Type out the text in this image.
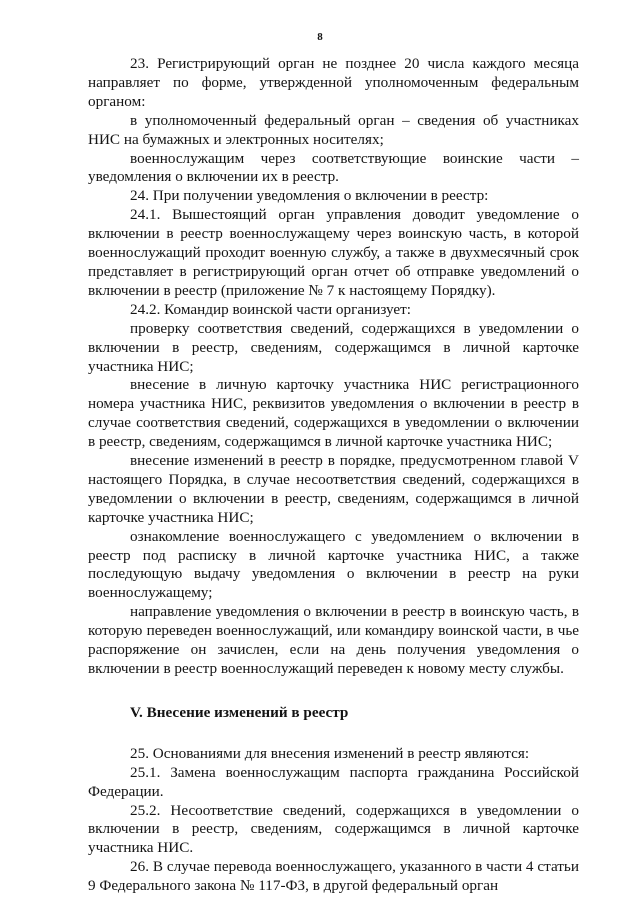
8

23. Регистрирующий орган не позднее 20 числа каждого месяца направляет по форме, утвержденной уполномоченным федеральным органом:

в уполномоченный федеральный орган – сведения об участниках НИС на бумажных и электронных носителях;

военнослужащим через соответствующие воинские части – уведомления о включении их в реестр.

24. При получении уведомления о включении в реестр:

24.1. Вышестоящий орган управления доводит уведомление о включении в реестр военнослужащему через воинскую часть, в которой военнослужащий проходит военную службу, а также в двухмесячный срок представляет в регистрирующий орган отчет об отправке уведомлений о включении в реестр (приложение № 7 к настоящему Порядку).

24.2. Командир воинской части организует:

проверку соответствия сведений, содержащихся в уведомлении о включении в реестр, сведениям, содержащимся в личной карточке участника НИС;

внесение в личную карточку участника НИС регистрационного номера участника НИС, реквизитов уведомления о включении в реестр в случае соответствия сведений, содержащихся в уведомлении о включении в реестр, сведениям, содержащимся в личной карточке участника НИС;

внесение изменений в реестр в порядке, предусмотренном главой V настоящего Порядка, в случае несоответствия сведений, содержащихся в уведомлении о включении в реестр, сведениям, содержащимся в личной карточке участника НИС;

ознакомление военнослужащего с уведомлением о включении в реестр под расписку в личной карточке участника НИС, а также последующую выдачу уведомления о включении в реестр на руки военнослужащему;

направление уведомления о включении в реестр в воинскую часть, в которую переведен военнослужащий, или командиру воинской части, в чье распоряжение он зачислен, если на день получения уведомления о включении в реестр военнослужащий переведен к новому месту службы.

V. Внесение изменений в реестр

25. Основаниями для внесения изменений в реестр являются:

25.1. Замена военнослужащим паспорта гражданина Российской Федерации.

25.2. Несоответствие сведений, содержащихся в уведомлении о включении в реестр, сведениям, содержащимся в личной карточке участника НИС.

26. В случае перевода военнослужащего, указанного в части 4 статьи 9 Федерального закона № 117-ФЗ, в другой федеральный орган
